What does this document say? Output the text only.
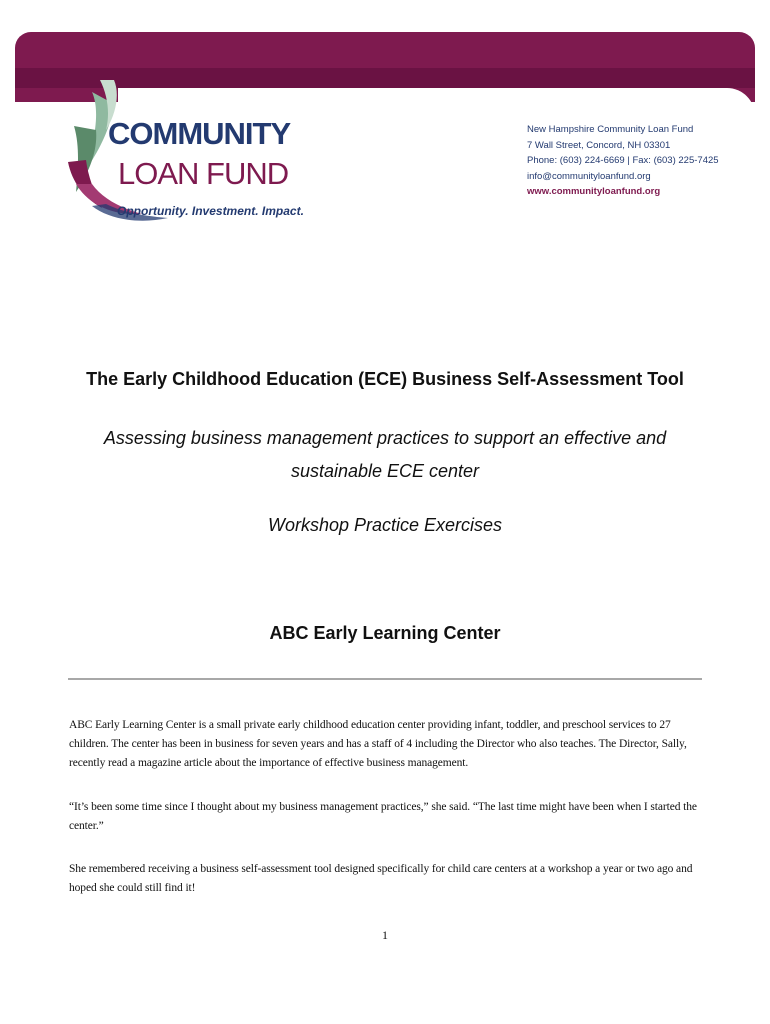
COMMUNITY
LOAN FUND
Opportunity. Investment. Impact.
New Hampshire Community Loan Fund
7 Wall Street, Concord, NH 03301
Phone: (603) 224-6669 | Fax: (603) 225-7425
info@communityloanfund.org
www.communityloanfund.org
The Early Childhood Education (ECE) Business Self-Assessment Tool
Assessing business management practices to support an effective and sustainable ECE center
Workshop Practice Exercises
ABC Early Learning Center

ABC Early Learning Center is a small private early childhood education center providing infant, toddler, and preschool services to 27 children. The center has been in business for seven years and has a staff of 4 including the Director who also teaches. The Director, Sally, recently read a magazine article about the importance of effective business management.

“It’s been some time since I thought about my business management practices,” she said. “The last time might have been when I started the center.”

She remembered receiving a business self-assessment tool designed specifically for child care centers at a workshop a year or two ago and hoped she could still find it!

1
